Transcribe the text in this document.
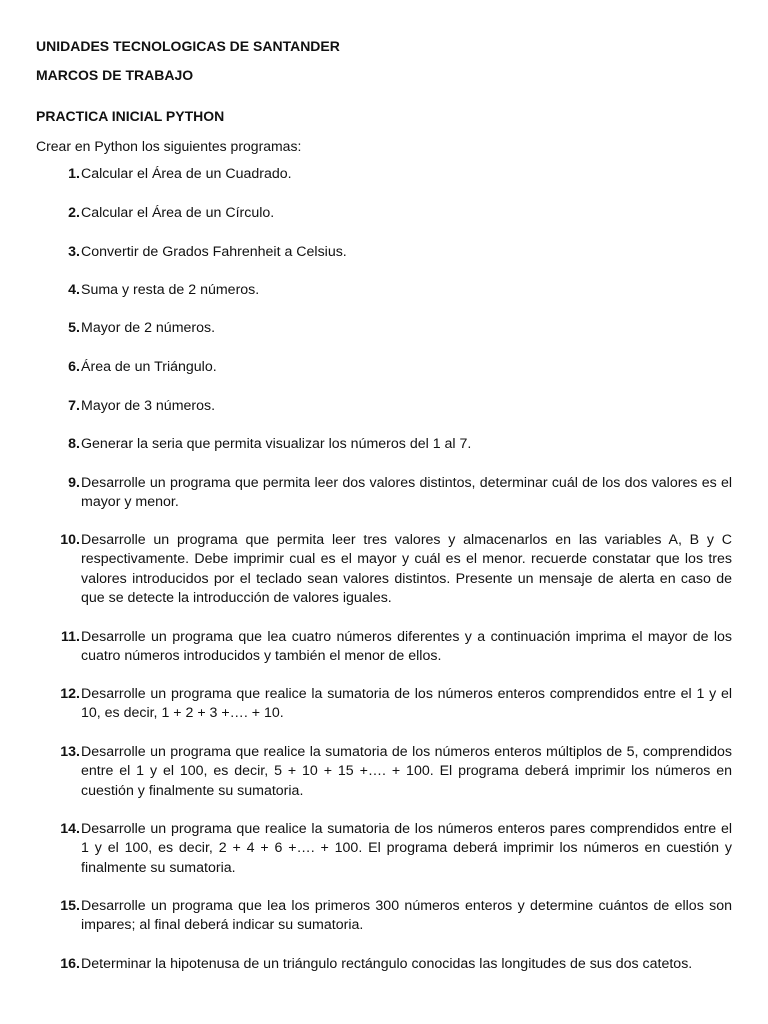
UNIDADES TECNOLOGICAS DE SANTANDER
MARCOS DE TRABAJO
PRACTICA INICIAL PYTHON
Crear en Python los siguientes programas:
1. Calcular el Área de un Cuadrado.
2. Calcular el Área de un Círculo.
3. Convertir de Grados Fahrenheit a Celsius.
4. Suma y resta de 2 números.
5. Mayor de 2 números.
6. Área de un Triángulo.
7. Mayor de 3 números.
8. Generar la seria que permita visualizar los números del 1 al 7.
9. Desarrolle un programa que permita leer dos valores distintos, determinar cuál de los dos valores es el mayor y menor.
10. Desarrolle un programa que permita leer tres valores y almacenarlos en las variables A, B y C respectivamente. Debe imprimir cual es el mayor y cuál es el menor. recuerde constatar que los tres valores introducidos por el teclado sean valores distintos. Presente un mensaje de alerta en caso de que se detecte la introducción de valores iguales.
11. Desarrolle un programa que lea cuatro números diferentes y a continuación imprima el mayor de los cuatro números introducidos y también el menor de ellos.
12. Desarrolle un programa que realice la sumatoria de los números enteros comprendidos entre el 1 y el 10, es decir, 1 + 2 + 3 +…. + 10.
13. Desarrolle un programa que realice la sumatoria de los números enteros múltiplos de 5, comprendidos entre el 1 y el 100, es decir, 5 + 10 + 15 +…. + 100. El programa deberá imprimir los números en cuestión y finalmente su sumatoria.
14. Desarrolle un programa que realice la sumatoria de los números enteros pares comprendidos entre el 1 y el 100, es decir, 2 + 4 + 6 +…. + 100. El programa deberá imprimir los números en cuestión y finalmente su sumatoria.
15. Desarrolle un programa que lea los primeros 300 números enteros y determine cuántos de ellos son impares; al final deberá indicar su sumatoria.
16. Determinar la hipotenusa de un triángulo rectángulo conocidas las longitudes de sus dos catetos.
